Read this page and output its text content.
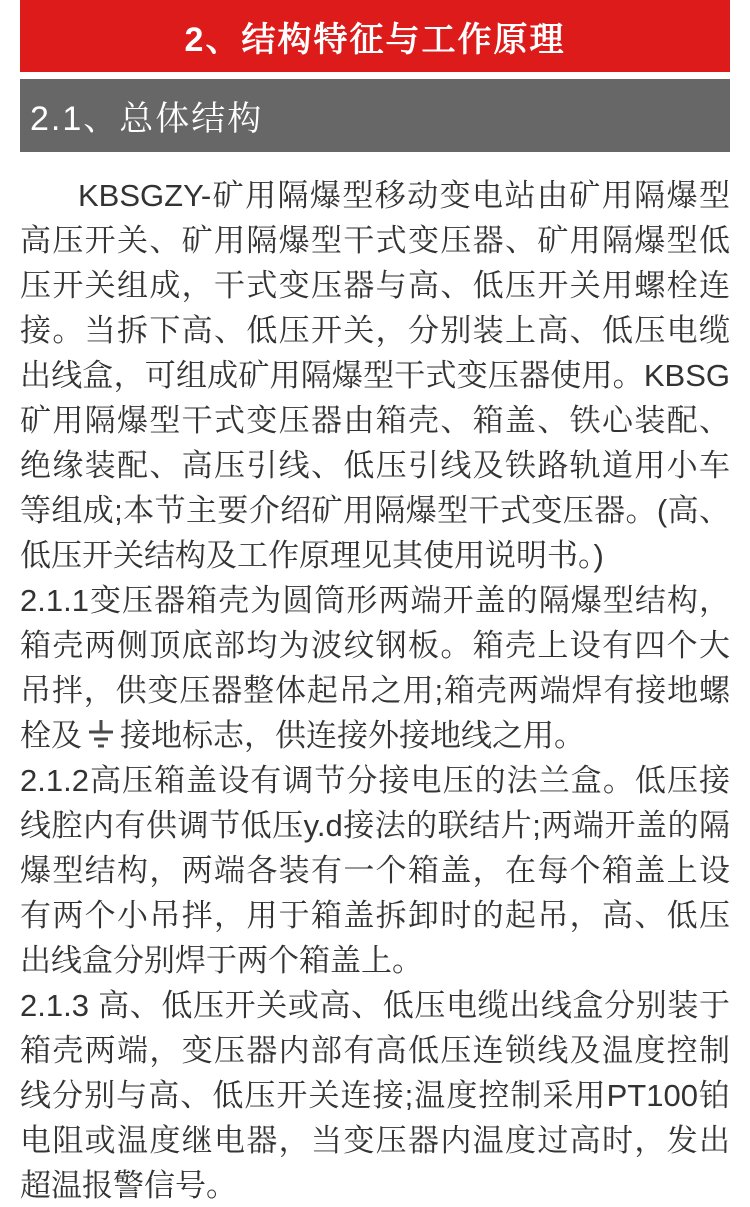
2、结构特征与工作原理
2.1、总体结构

KBSGZY-矿用隔爆型移动变电站由矿用隔爆型高压开关、矿用隔爆型干式变压器、矿用隔爆型低压开关组成，干式变压器与高、低压开关用螺栓连接。当拆下高、低压开关，分别装上高、低压电缆出线盒，可组成矿用隔爆型干式变压器使用。KBSG矿用隔爆型干式变压器由箱壳、箱盖、铁心装配、绝缘装配、高压引线、低压引线及铁路轨道用小车等组成;本节主要介绍矿用隔爆型干式变压器。(高、低压开关结构及工作原理见其使用说明书。)

2.1.1变压器箱壳为圆筒形两端开盖的隔爆型结构，箱壳两侧顶底部均为波纹钢板。箱壳上设有四个大吊拌，供变压器整体起吊之用;箱壳两端焊有接地螺栓及 接地标志，供连接外接地线之用。

2.1.2高压箱盖设有调节分接电压的法兰盒。低压接线腔内有供调节低压y.d接法的联结片;两端开盖的隔爆型结构，两端各装有一个箱盖，在每个箱盖上设有两个小吊拌，用于箱盖拆卸时的起吊，高、低压出线盒分别焊于两个箱盖上。

2.1.3 高、低压开关或高、低压电缆出线盒分别装于箱壳两端，变压器内部有高低压连锁线及温度控制线分别与高、低压开关连接;温度控制采用PT100铂电阻或温度继电器，当变压器内温度过高时，发出超温报警信号。
